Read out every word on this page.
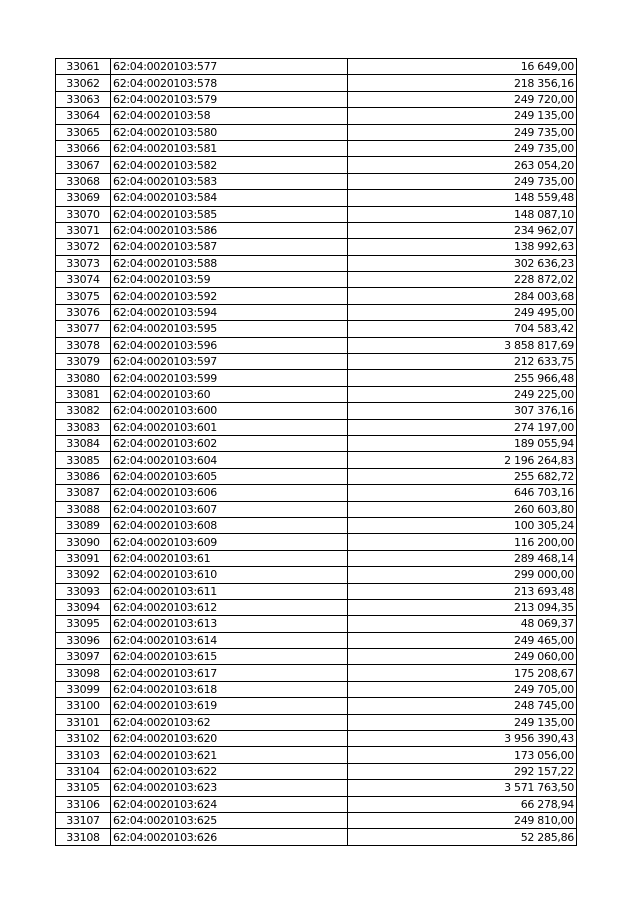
33061	62:04:0020103:577	16 649,00
33062	62:04:0020103:578	218 356,16
33063	62:04:0020103:579	249 720,00
33064	62:04:0020103:58	249 135,00
33065	62:04:0020103:580	249 735,00
33066	62:04:0020103:581	249 735,00
33067	62:04:0020103:582	263 054,20
33068	62:04:0020103:583	249 735,00
33069	62:04:0020103:584	148 559,48
33070	62:04:0020103:585	148 087,10
33071	62:04:0020103:586	234 962,07
33072	62:04:0020103:587	138 992,63
33073	62:04:0020103:588	302 636,23
33074	62:04:0020103:59	228 872,02
33075	62:04:0020103:592	284 003,68
33076	62:04:0020103:594	249 495,00
33077	62:04:0020103:595	704 583,42
33078	62:04:0020103:596	3 858 817,69
33079	62:04:0020103:597	212 633,75
33080	62:04:0020103:599	255 966,48
33081	62:04:0020103:60	249 225,00
33082	62:04:0020103:600	307 376,16
33083	62:04:0020103:601	274 197,00
33084	62:04:0020103:602	189 055,94
33085	62:04:0020103:604	2 196 264,83
33086	62:04:0020103:605	255 682,72
33087	62:04:0020103:606	646 703,16
33088	62:04:0020103:607	260 603,80
33089	62:04:0020103:608	100 305,24
33090	62:04:0020103:609	116 200,00
33091	62:04:0020103:61	289 468,14
33092	62:04:0020103:610	299 000,00
33093	62:04:0020103:611	213 693,48
33094	62:04:0020103:612	213 094,35
33095	62:04:0020103:613	48 069,37
33096	62:04:0020103:614	249 465,00
33097	62:04:0020103:615	249 060,00
33098	62:04:0020103:617	175 208,67
33099	62:04:0020103:618	249 705,00
33100	62:04:0020103:619	248 745,00
33101	62:04:0020103:62	249 135,00
33102	62:04:0020103:620	3 956 390,43
33103	62:04:0020103:621	173 056,00
33104	62:04:0020103:622	292 157,22
33105	62:04:0020103:623	3 571 763,50
33106	62:04:0020103:624	66 278,94
33107	62:04:0020103:625	249 810,00
33108	62:04:0020103:626	52 285,86
